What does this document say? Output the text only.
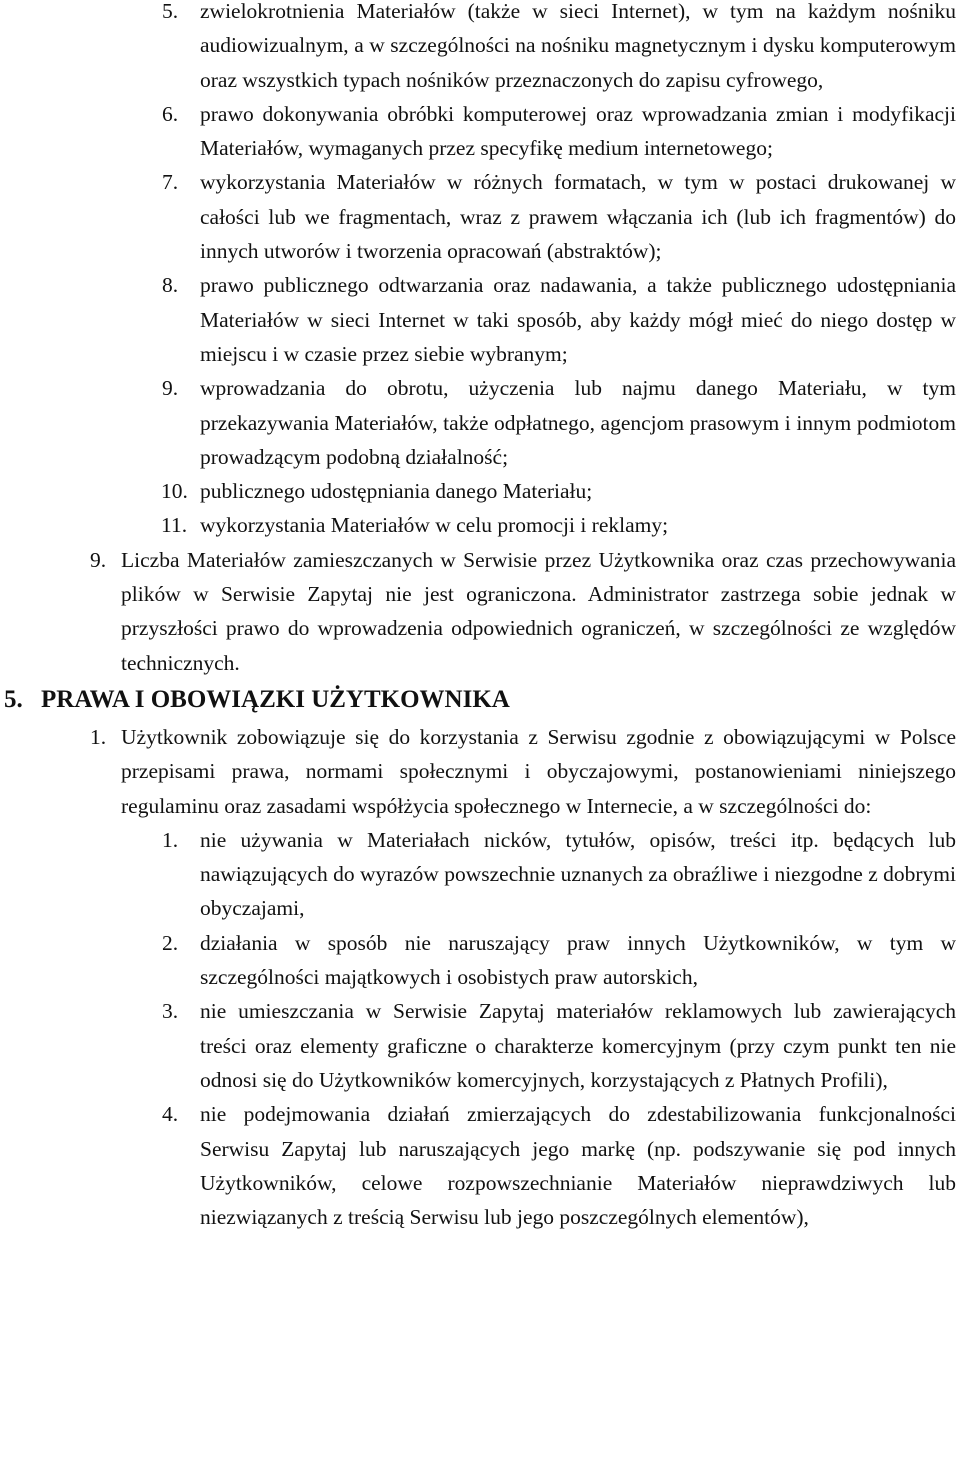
5. zwielokrotnienia Materiałów (także w sieci Internet), w tym na każdym nośniku audiowizualnym, a w szczególności na nośniku magnetycznym i dysku komputerowym oraz wszystkich typach nośników przeznaczonych do zapisu cyfrowego,
6. prawo dokonywania obróbki komputerowej oraz wprowadzania zmian i modyfikacji Materiałów, wymaganych przez specyfikę medium internetowego;
7. wykorzystania Materiałów w różnych formatach, w tym w postaci drukowanej w całości lub we fragmentach, wraz z prawem włączania ich (lub ich fragmentów) do innych utworów i tworzenia opracowań (abstraktów);
8. prawo publicznego odtwarzania oraz nadawania, a także publicznego udostępniania Materiałów w sieci Internet w taki sposób, aby każdy mógł mieć do niego dostęp w miejscu i w czasie przez siebie wybranym;
9. wprowadzania do obrotu, użyczenia lub najmu danego Materiału, w tym przekazywania Materiałów, także odpłatnego, agencjom prasowym i innym podmiotom prowadzącym podobną działalność;
10. publicznego udostępniania danego Materiału;
11. wykorzystania Materiałów w celu promocji i reklamy;
9. Liczba Materiałów zamieszczanych w Serwisie przez Użytkownika oraz czas przechowywania plików w Serwisie Zapytaj nie jest ograniczona. Administrator zastrzega sobie jednak w przyszłości prawo do wprowadzenia odpowiednich ograniczeń, w szczególności ze względów technicznych.
5. PRAWA I OBOWIĄZKI UŻYTKOWNIKA
1. Użytkownik zobowiązuje się do korzystania z Serwisu zgodnie z obowiązującymi w Polsce przepisami prawa, normami społecznymi i obyczajowymi, postanowieniami niniejszego regulaminu oraz zasadami współżycia społecznego w Internecie, a w szczególności do:
1. nie używania w Materiałach nicków, tytułów, opisów, treści itp. będących lub nawiązujących do wyrazów powszechnie uznanych za obraźliwe i niezgodne z dobrymi obyczajami,
2. działania w sposób nie naruszający praw innych Użytkowników, w tym w szczególności majątkowych i osobistych praw autorskich,
3. nie umieszczania w Serwisie Zapytaj materiałów reklamowych lub zawierających treści oraz elementy graficzne o charakterze komercyjnym (przy czym punkt ten nie odnosi się do Użytkowników komercyjnych, korzystających z Płatnych Profili),
4. nie podejmowania działań zmierzających do zdestabilizowania funkcjonalności Serwisu Zapytaj lub naruszających jego markę (np. podszywanie się pod innych Użytkowników, celowe rozpowszechnianie Materiałów nieprawdziwych lub niezwiązanych z treścią Serwisu lub jego poszczególnych elementów),
